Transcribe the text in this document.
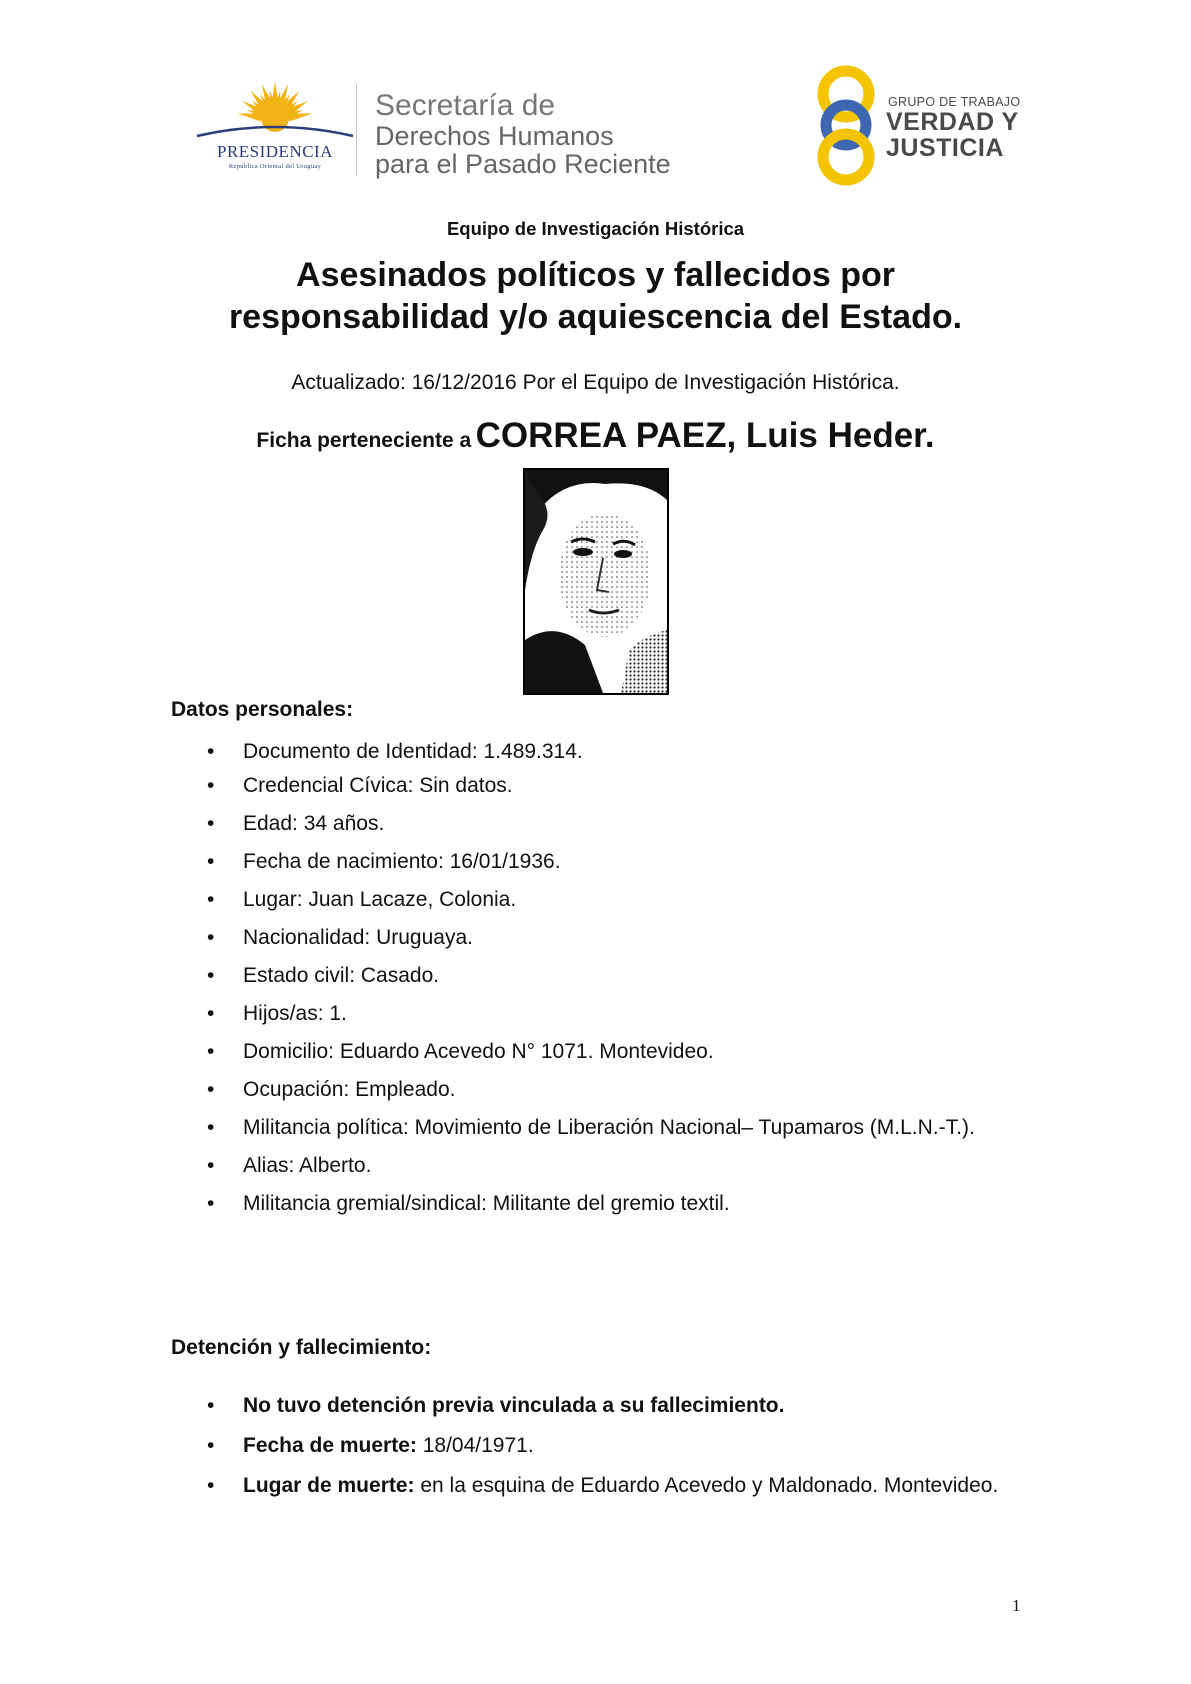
PRESIDENCIA
República Oriental del Uruguay
Secretaría de
Derechos Humanos
para el Pasado Reciente
GRUPO DE TRABAJO
VERDAD Y
JUSTICIA
Equipo de Investigación Histórica
Asesinados políticos y fallecidos por
responsabilidad y/o aquiescencia del Estado.
Actualizado: 16/12/2016 Por el Equipo de Investigación Histórica.
Ficha perteneciente a CORREA PAEZ, Luis Heder.
Datos personales:
• Documento de Identidad: 1.489.314.
• Credencial Cívica: Sin datos.
• Edad: 34 años.
• Fecha de nacimiento: 16/01/1936.
• Lugar: Juan Lacaze, Colonia.
• Nacionalidad: Uruguaya.
• Estado civil: Casado.
• Hijos/as: 1.
• Domicilio: Eduardo Acevedo N° 1071. Montevideo.
• Ocupación: Empleado.
• Militancia política: Movimiento de Liberación Nacional– Tupamaros (M.L.N.-T.).
• Alias: Alberto.
• Militancia gremial/sindical: Militante del gremio textil.
Detención y fallecimiento:
• No tuvo detención previa vinculada a su fallecimiento.
• Fecha de muerte: 18/04/1971.
• Lugar de muerte: en la esquina de Eduardo Acevedo y Maldonado. Montevideo.
1
